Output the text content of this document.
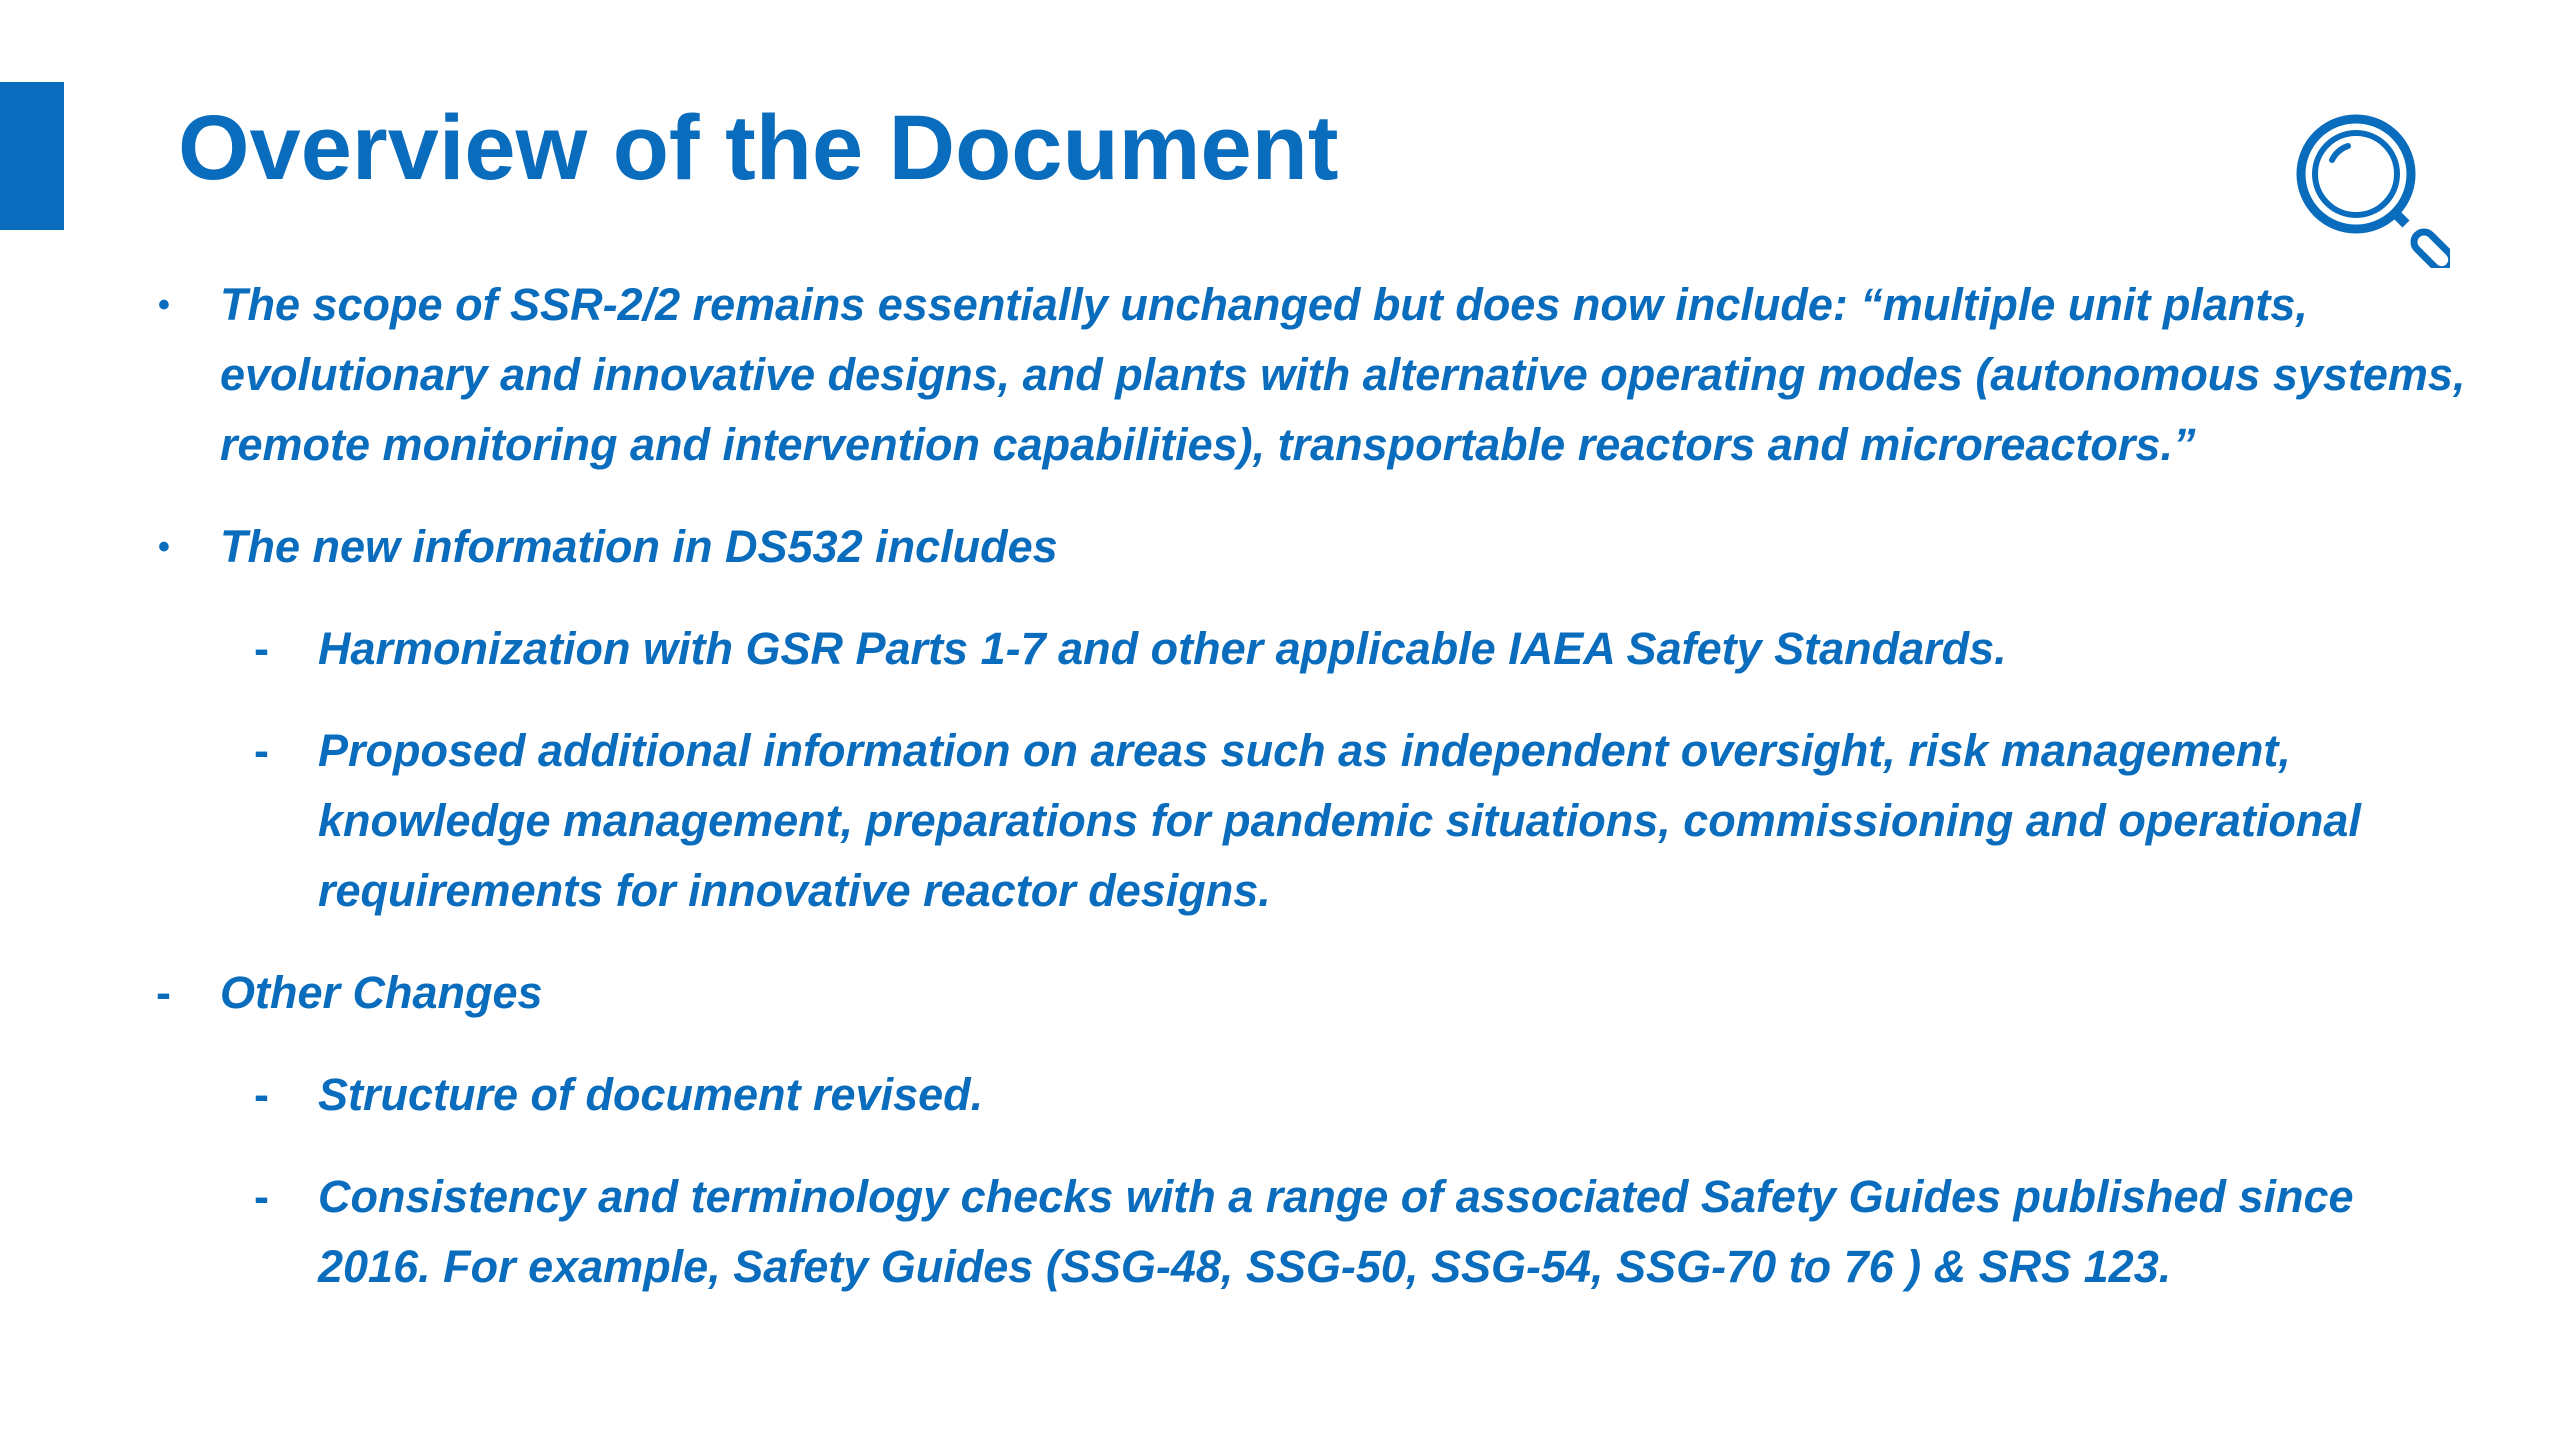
Overview of the Document
•	The scope of SSR-2/2 remains essentially unchanged but does now include: “multiple unit plants, evolutionary and innovative designs, and plants with alternative operating modes (autonomous systems, remote monitoring and intervention capabilities), transportable reactors and microreactors.”
•	The new information in DS532 includes
-	Harmonization with GSR Parts 1-7 and other applicable IAEA Safety Standards.
-	Proposed additional information on areas such as independent oversight, risk management, knowledge management, preparations for pandemic situations, commissioning and operational requirements for innovative reactor designs.
-	Other Changes
-	Structure of document revised.
-	Consistency and terminology checks with a range of associated Safety Guides published since 2016. For example, Safety Guides (SSG-48, SSG-50, SSG-54, SSG-70 to 76 ) & SRS 123.
